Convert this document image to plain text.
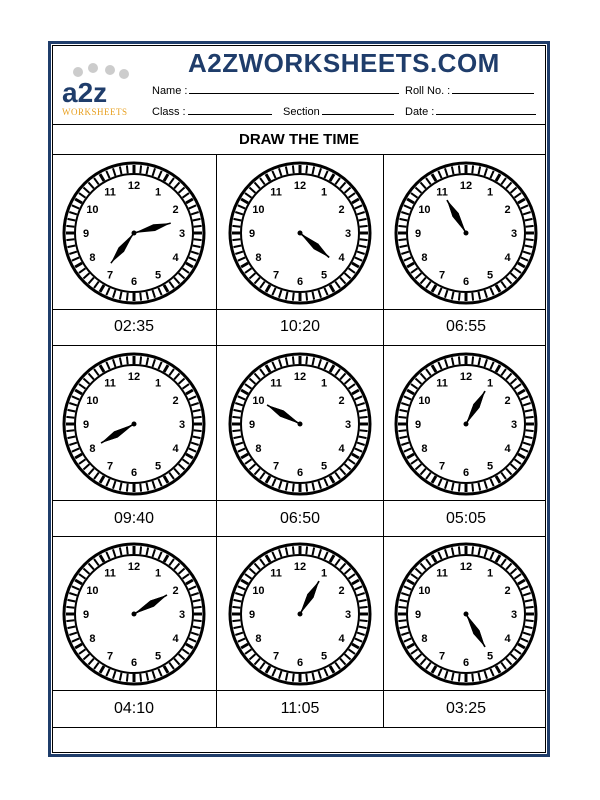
a2z
WORKSHEETS
A2ZWORKSHEETS.COM
Name :	Roll No. :
Class :	Section	Date :
DRAW THE TIME
12
1
2
3
4
5
6
7
8
9
10
11
02:35
12
1
2
3
4
5
6
7
8
9
10
11
10:20
12
1
2
3
4
5
6
7
8
9
10
11
06:55
12
1
2
3
4
5
6
7
8
9
10
11
09:40
12
1
2
3
4
5
6
7
8
9
10
11
06:50
12
1
2
3
4
5
6
7
8
9
10
11
05:05
12
1
2
3
4
5
6
7
8
9
10
11
04:10
12
1
2
3
4
5
6
7
8
9
10
11
11:05
12
1
2
3
4
5
6
7
8
9
10
11
03:25
